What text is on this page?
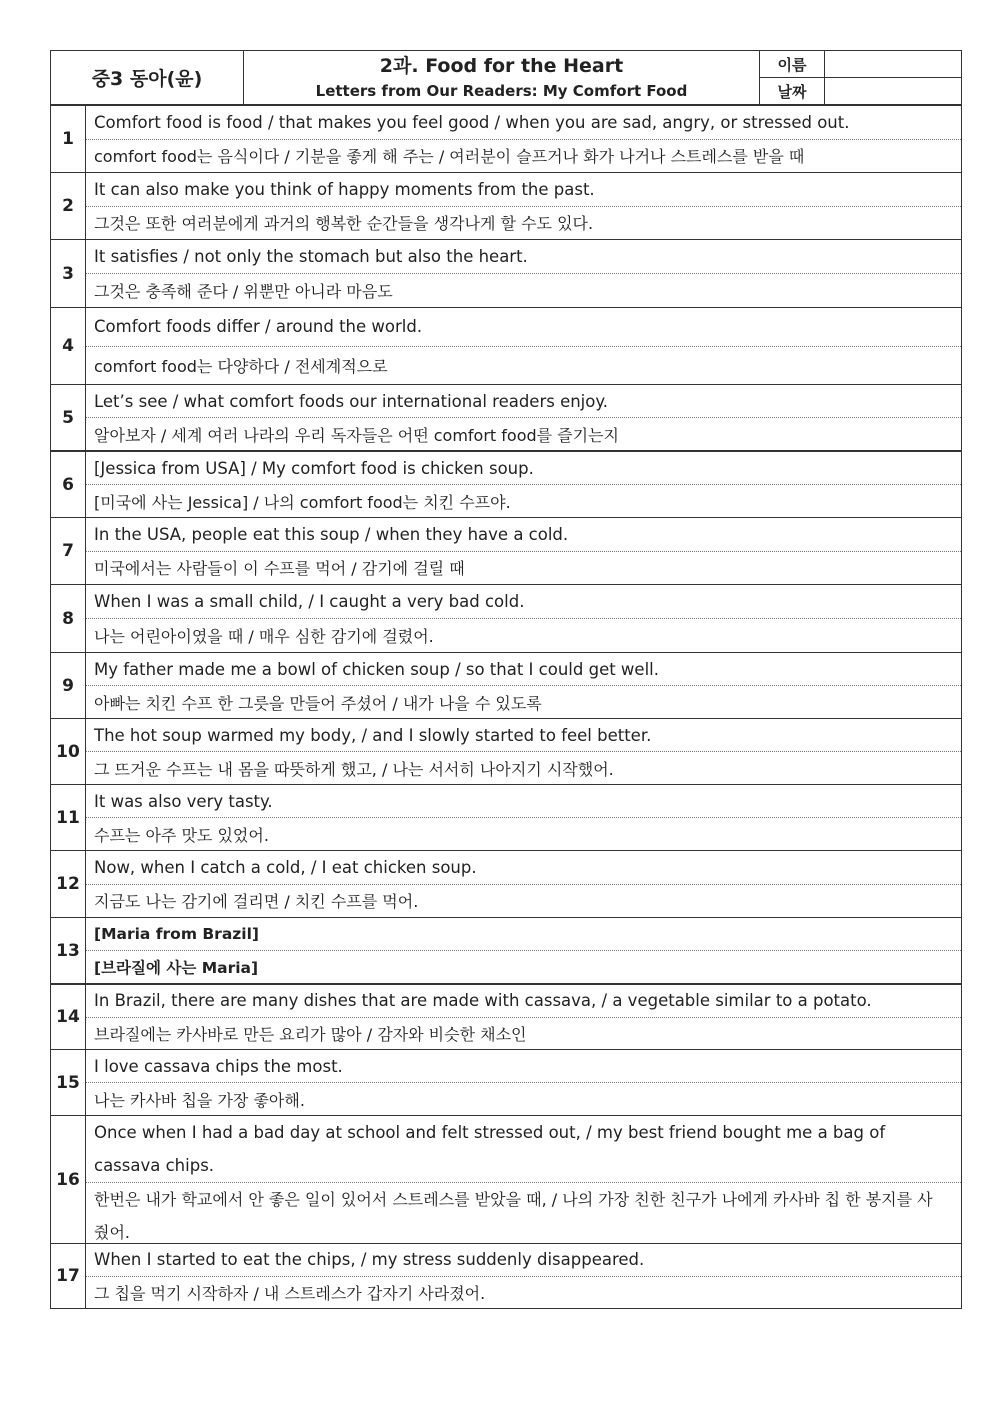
중3 동아(윤)
2과. Food for the Heart
Letters from Our Readers: My Comfort Food
이름
날짜
1
Comfort food is food / that makes you feel good / when you are sad, angry, or stressed out.
comfort food는 음식이다 / 기분을 좋게 해 주는 / 여러분이 슬프거나 화가 나거나 스트레스를 받을 때
2
It can also make you think of happy moments from the past.
그것은 또한 여러분에게 과거의 행복한 순간들을 생각나게 할 수도 있다.
3
It satisfies / not only the stomach but also the heart.
그것은 충족해 준다 / 위뿐만 아니라 마음도
4
Comfort foods differ / around the world.
comfort food는 다양하다 / 전세계적으로
5
Let’s see / what comfort foods our international readers enjoy.
알아보자 / 세계 여러 나라의 우리 독자들은 어떤 comfort food를 즐기는지
6
[Jessica from USA] / My comfort food is chicken soup.
[미국에 사는 Jessica] / 나의 comfort food는 치킨 수프야.
7
In the USA, people eat this soup / when they have a cold.
미국에서는 사람들이 이 수프를 먹어 / 감기에 걸릴 때
8
When I was a small child, / I caught a very bad cold.
나는 어린아이였을 때 / 매우 심한 감기에 걸렸어.
9
My father made me a bowl of chicken soup / so that I could get well.
아빠는 치킨 수프 한 그릇을 만들어 주셨어 / 내가 나을 수 있도록
10
The hot soup warmed my body, / and I slowly started to feel better.
그 뜨거운 수프는 내 몸을 따뜻하게 했고, / 나는 서서히 나아지기 시작했어.
11
It was also very tasty.
수프는 아주 맛도 있었어.
12
Now, when I catch a cold, / I eat chicken soup.
지금도 나는 감기에 걸리면 / 치킨 수프를 먹어.
13
[Maria from Brazil]
[브라질에 사는 Maria]
14
In Brazil, there are many dishes that are made with cassava, / a vegetable similar to a potato.
브라질에는 카사바로 만든 요리가 많아 / 감자와 비슷한 채소인
15
I love cassava chips the most.
나는 카사바 칩을 가장 좋아해.
16
Once when I had a bad day at school and felt stressed out, / my best friend bought me a bag of cassava chips.
한번은 내가 학교에서 안 좋은 일이 있어서 스트레스를 받았을 때, / 나의 가장 친한 친구가 나에게 카사바 칩 한 봉지를 사 줬어.
17
When I started to eat the chips, / my stress suddenly disappeared.
그 칩을 먹기 시작하자 / 내 스트레스가 갑자기 사라졌어.
